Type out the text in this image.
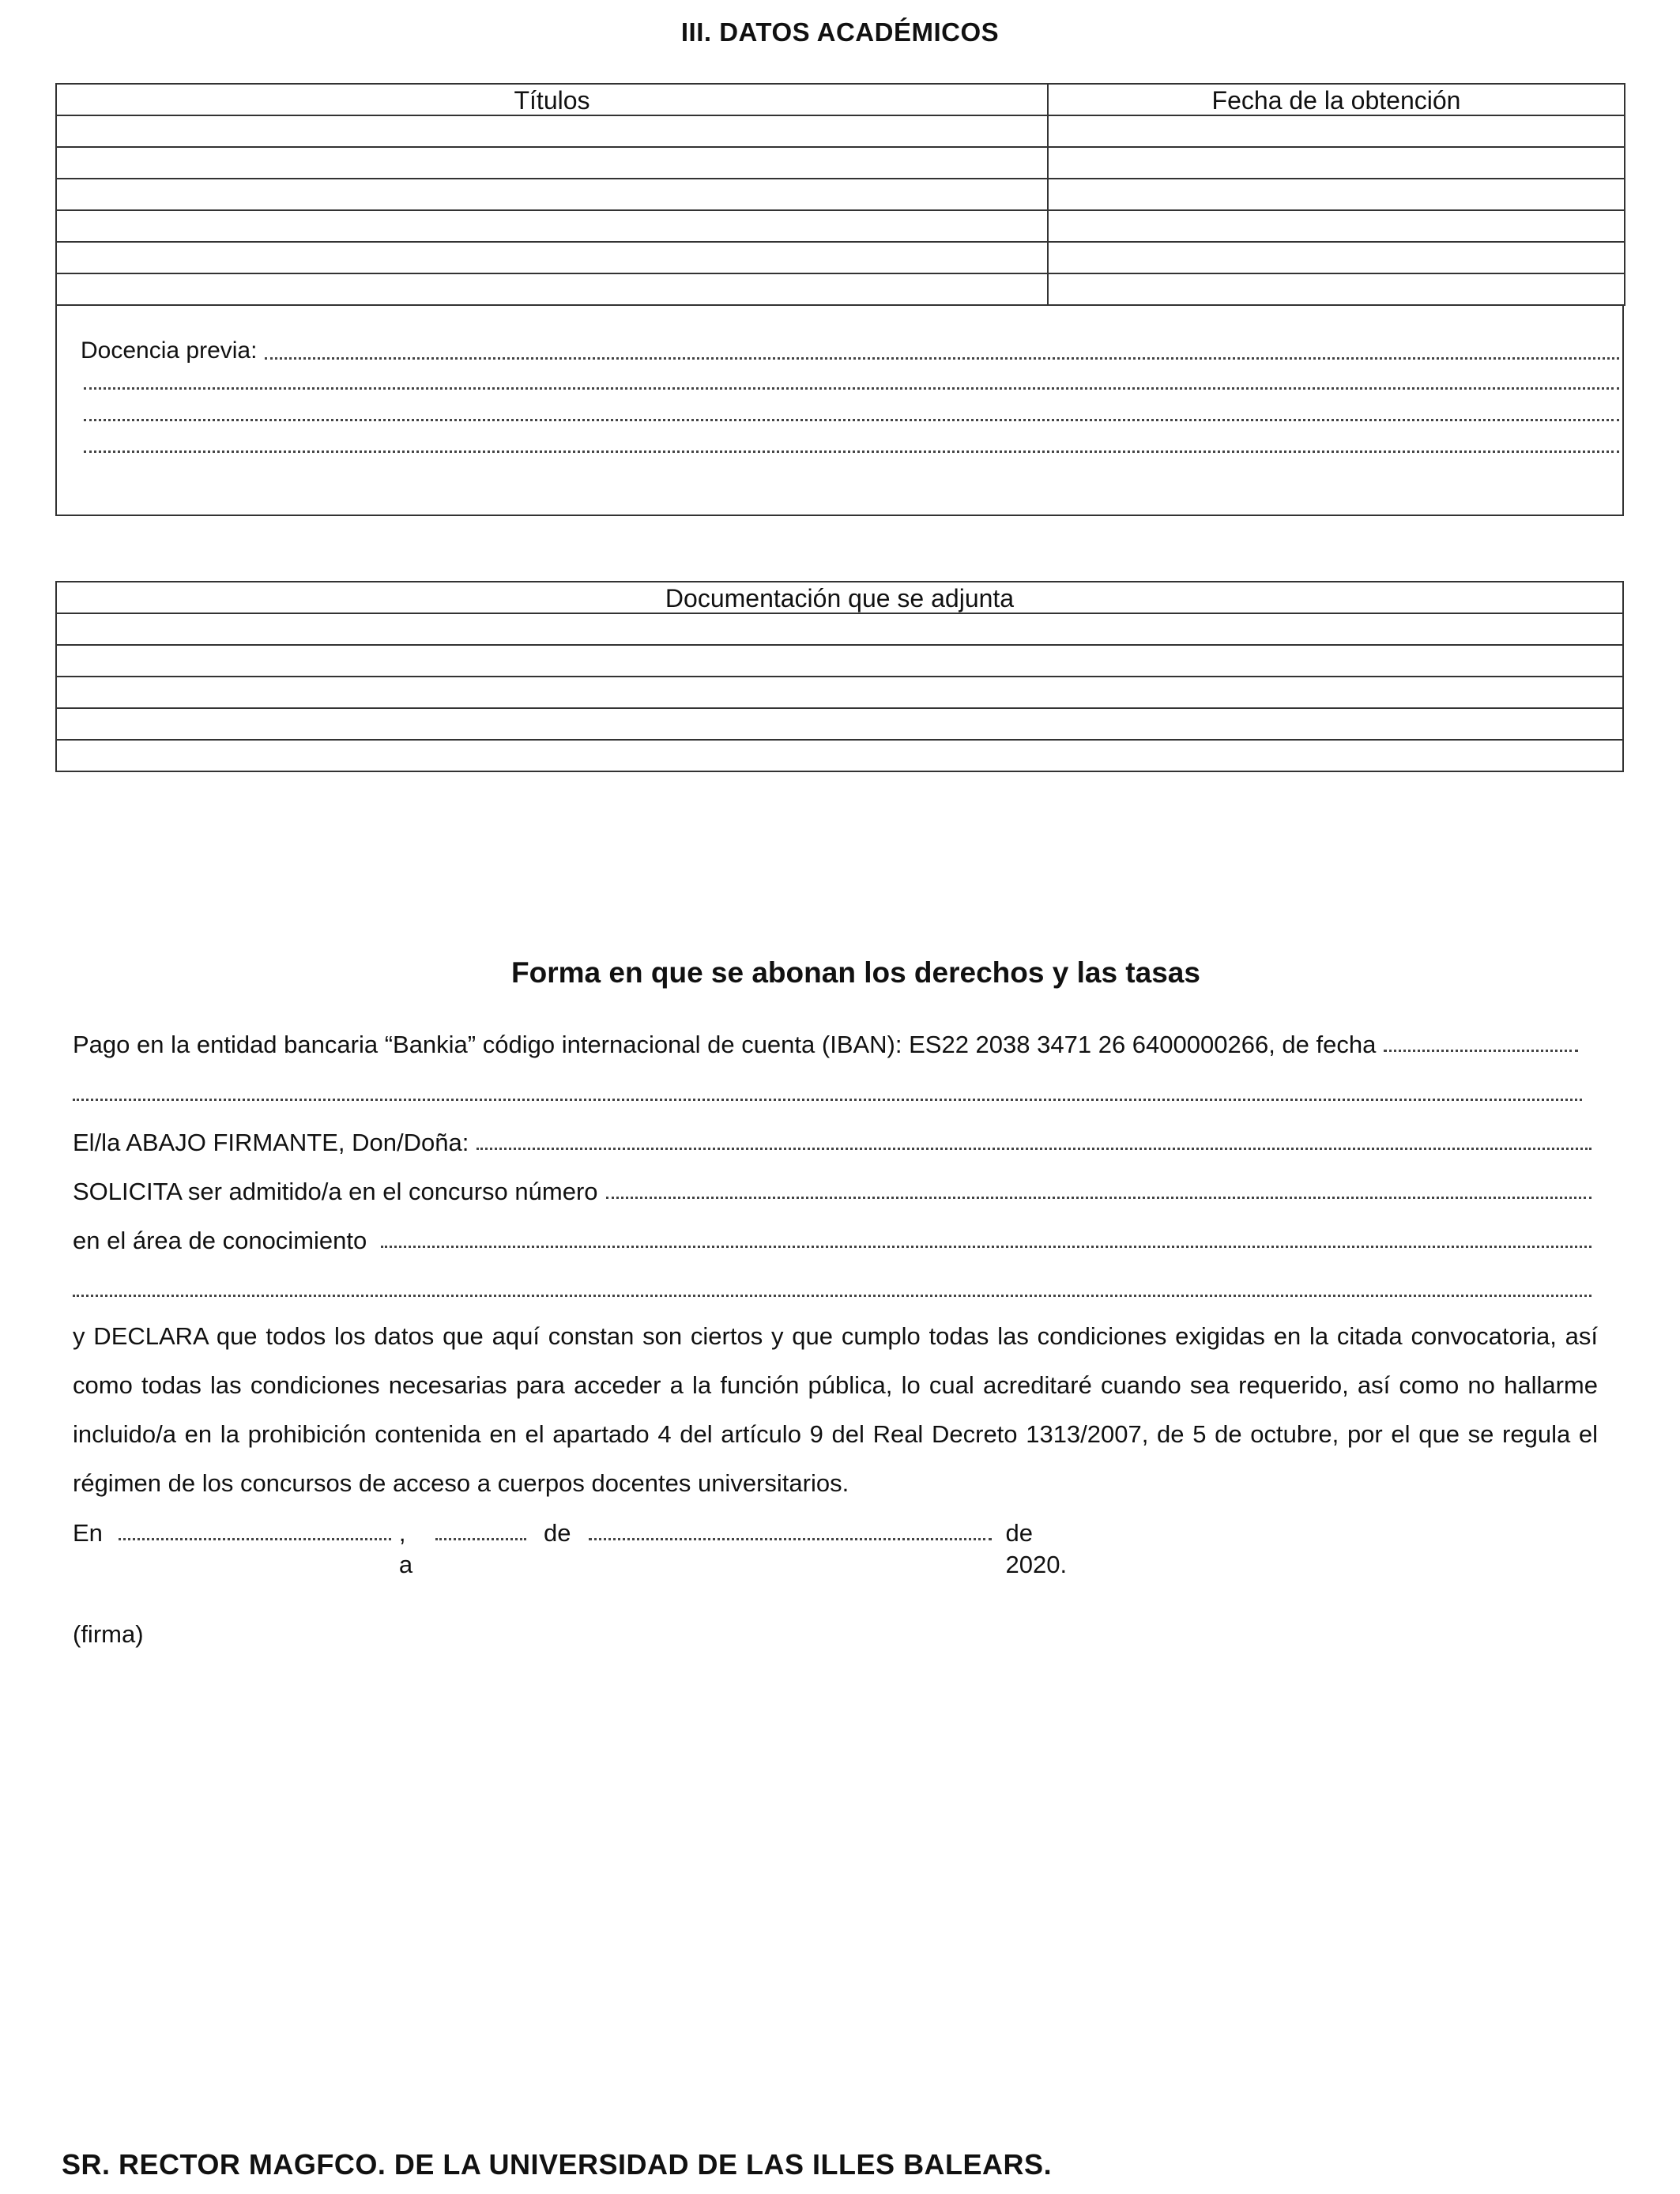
III. DATOS ACADÉMICOS
Títulos	Fecha de la obtención

Docencia previa:
Documentación que se adjunta

Forma en que se abonan los derechos y las tasas
Pago en la entidad bancaria “Bankia” código internacional de cuenta (IBAN): ES22 2038 3471 26 6400000266, de fecha
El/la ABAJO FIRMANTE, Don/Doña:
SOLICITA ser admitido/a en el concurso número
en el área de conocimiento
y DECLARA que todos los datos que aquí constan son ciertos y que cumplo todas las condiciones exigidas en la citada convocatoria, así como todas las condiciones necesarias para acceder a la función pública, lo cual acreditaré cuando sea requerido, así como no hallarme incluido/a en la prohibición contenida en el apartado 4 del artículo 9 del Real Decreto 1313/2007, de 5 de octubre, por el que se regula el régimen de los concursos de acceso a cuerpos docentes universitarios.
En	, a
de	de 2020.
(firma)
SR. RECTOR MAGFCO. DE LA UNIVERSIDAD DE LAS ILLES BALEARS.
